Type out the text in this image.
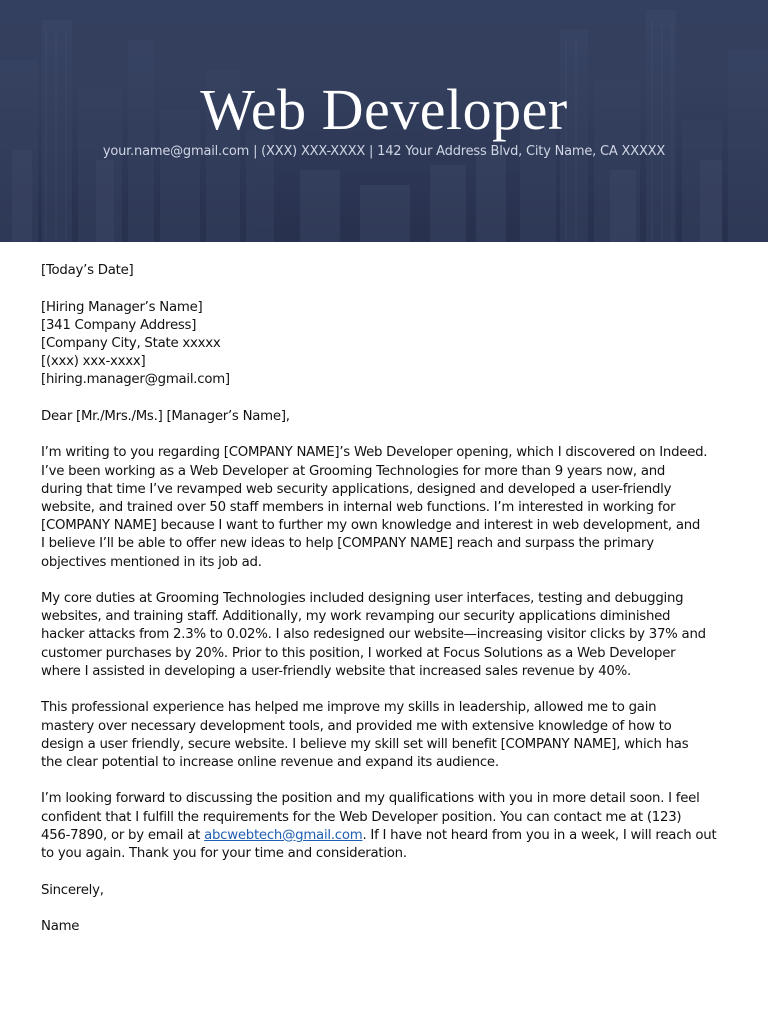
Web Developer
your.name@gmail.com | (XXX) XXX-XXXX | 142 Your Address Blvd, City Name, CA XXXXX
[Today’s Date]
[Hiring Manager’s Name]
[341 Company Address]
[Company City, State xxxxx
[(xxx) xxx-xxxx]
[hiring.manager@gmail.com]
Dear [Mr./Mrs./Ms.] [Manager’s Name],
I’m writing to you regarding [COMPANY NAME]’s Web Developer opening, which I discovered on Indeed.
I’ve been working as a Web Developer at Grooming Technologies for more than 9 years now, and
during that time I’ve revamped web security applications, designed and developed a user-friendly
website, and trained over 50 staff members in internal web functions. I’m interested in working for
[COMPANY NAME] because I want to further my own knowledge and interest in web development, and
I believe I’ll be able to offer new ideas to help [COMPANY NAME] reach and surpass the primary
objectives mentioned in its job ad.
My core duties at Grooming Technologies included designing user interfaces, testing and debugging
websites, and training staff. Additionally, my work revamping our security applications diminished
hacker attacks from 2.3% to 0.02%. I also redesigned our website—increasing visitor clicks by 37% and
customer purchases by 20%. Prior to this position, I worked at Focus Solutions as a Web Developer
where I assisted in developing a user-friendly website that increased sales revenue by 40%.
This professional experience has helped me improve my skills in leadership, allowed me to gain
mastery over necessary development tools, and provided me with extensive knowledge of how to
design a user friendly, secure website. I believe my skill set will benefit [COMPANY NAME], which has
the clear potential to increase online revenue and expand its audience.
I’m looking forward to discussing the position and my qualifications with you in more detail soon. I feel
confident that I fulfill the requirements for the Web Developer position. You can contact me at (123)
456-7890, or by email at abcwebtech@gmail.com. If I have not heard from you in a week, I will reach out
to you again. Thank you for your time and consideration.
Sincerely,
Name
